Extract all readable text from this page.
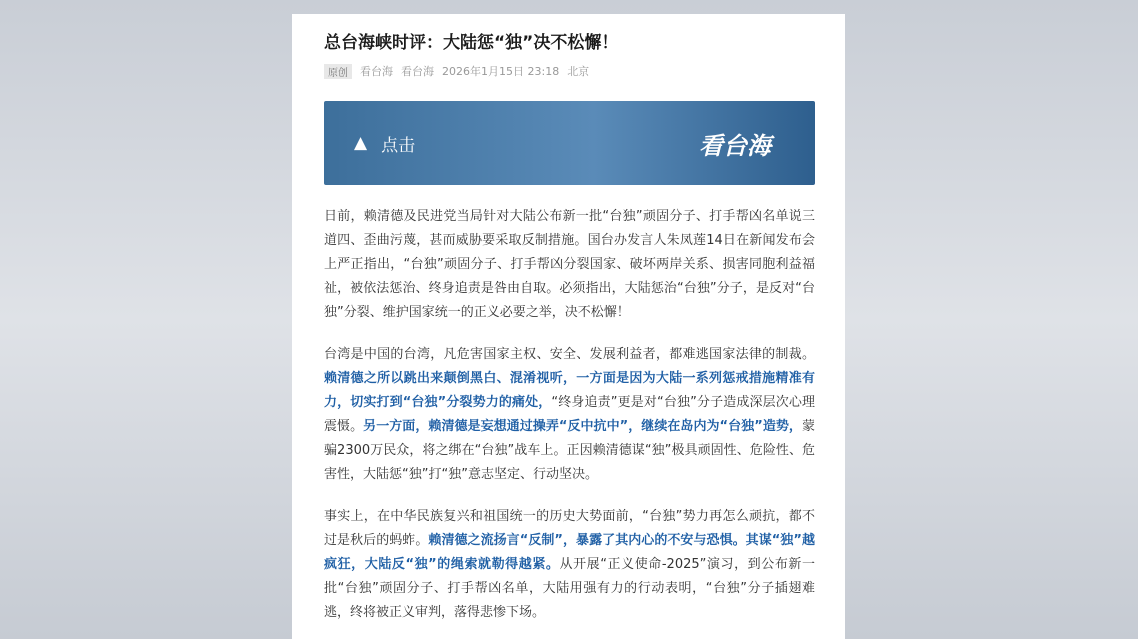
总台海峡时评：大陆惩“独”决不松懈！
原创	看台海 看台海 2026年1月15日 23:18 北京
▲ 点击	看台海

日前，赖清德及民进党当局针对大陆公布新一批“台独”顽固分子、打手帮凶名单说三道四、歪曲污蔑，甚而威胁要采取反制措施。国台办发言人朱凤莲14日在新闻发布会上严正指出，“台独”顽固分子、打手帮凶分裂国家、破坏两岸关系、损害同胞利益福祉，被依法惩治、终身追责是咎由自取。必须指出，大陆惩治“台独”分子，是反对“台独”分裂、维护国家统一的正义必要之举，决不松懈！

台湾是中国的台湾，凡危害国家主权、安全、发展利益者，都难逃国家法律的制裁。赖清德之所以跳出来颠倒黑白、混淆视听，一方面是因为大陆一系列惩戒措施精准有力，切实打到“台独”分裂势力的痛处，“终身追责”更是对“台独”分子造成深层次心理震慑。另一方面，赖清德是妄想通过操弄“反中抗中”，继续在岛内为“台独”造势，蒙骗2300万民众，将之绑在“台独”战车上。正因赖清德谋“独”极具顽固性、危险性、危害性，大陆惩“独”打“独”意志坚定、行动坚决。

事实上，在中华民族复兴和祖国统一的历史大势面前，“台独”势力再怎么顽抗，都不过是秋后的蚂蚱。赖清德之流扬言“反制”，暴露了其内心的不安与恐惧。其谋“独”越疯狂，大陆反“独”的绳索就勒得越紧。从开展“正义使命-2025”演习，到公布新一批“台独”顽固分子、打手帮凶名单，大陆用强有力的行动表明，“台独”分子插翅难逃，终将被正义审判，落得悲惨下场。
